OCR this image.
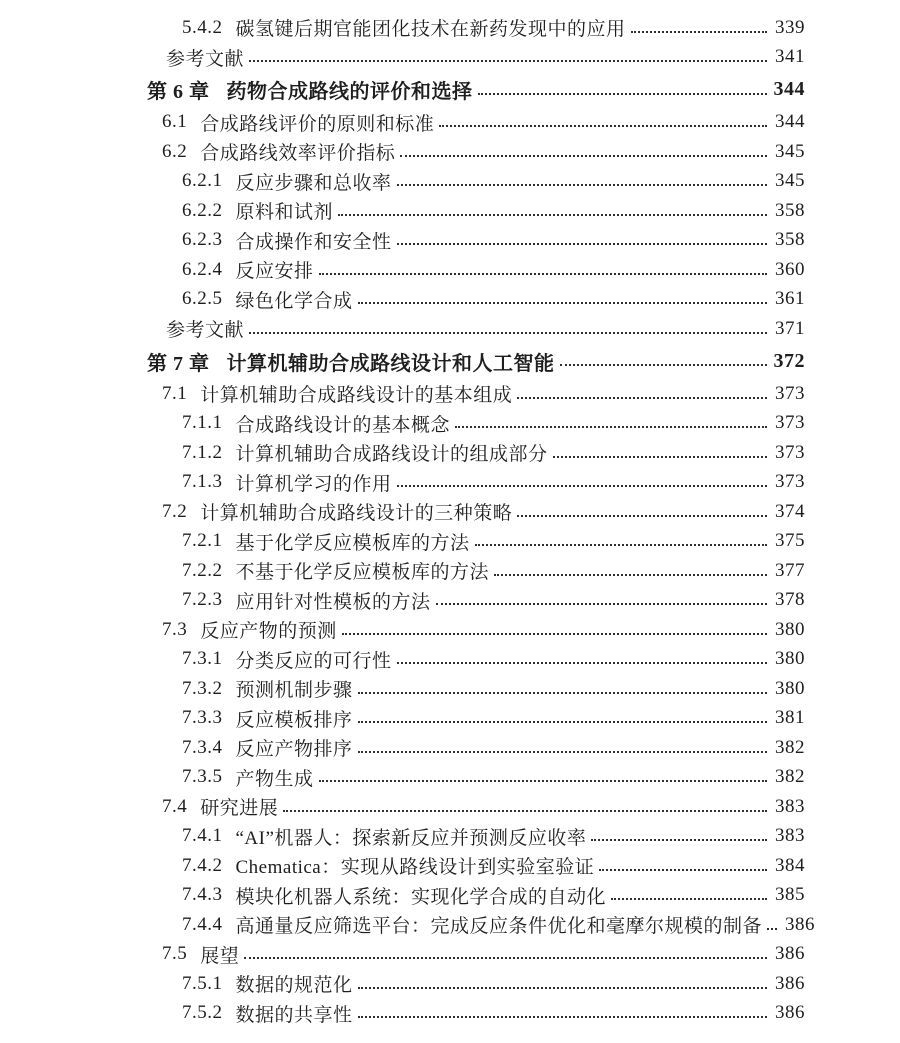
5.4.2 碳氢键后期官能团化技术在新药发现中的应用	339
参考文献	341
第 6 章 药物合成路线的评价和选择	344
6.1 合成路线评价的原则和标准	344
6.2 合成路线效率评价指标	345
6.2.1 反应步骤和总收率	345
6.2.2 原料和试剂	358
6.2.3 合成操作和安全性	358
6.2.4 反应安排	360
6.2.5 绿色化学合成	361
参考文献	371
第 7 章 计算机辅助合成路线设计和人工智能	372
7.1 计算机辅助合成路线设计的基本组成	373
7.1.1 合成路线设计的基本概念	373
7.1.2 计算机辅助合成路线设计的组成部分	373
7.1.3 计算机学习的作用	373
7.2 计算机辅助合成路线设计的三种策略	374
7.2.1 基于化学反应模板库的方法	375
7.2.2 不基于化学反应模板库的方法	377
7.2.3 应用针对性模板的方法	378
7.3 反应产物的预测	380
7.3.1 分类反应的可行性	380
7.3.2 预测机制步骤	380
7.3.3 反应模板排序	381
7.3.4 反应产物排序	382
7.3.5 产物生成	382
7.4 研究进展	383
7.4.1 “AI”机器人：探索新反应并预测反应收率	383
7.4.2 Chematica：实现从路线设计到实验室验证	384
7.4.3 模块化机器人系统：实现化学合成的自动化	385
7.4.4 高通量反应筛选平台：完成反应条件优化和毫摩尔规模的制备 386
7.5 展望	386
7.5.1 数据的规范化	386
7.5.2 数据的共享性	386
